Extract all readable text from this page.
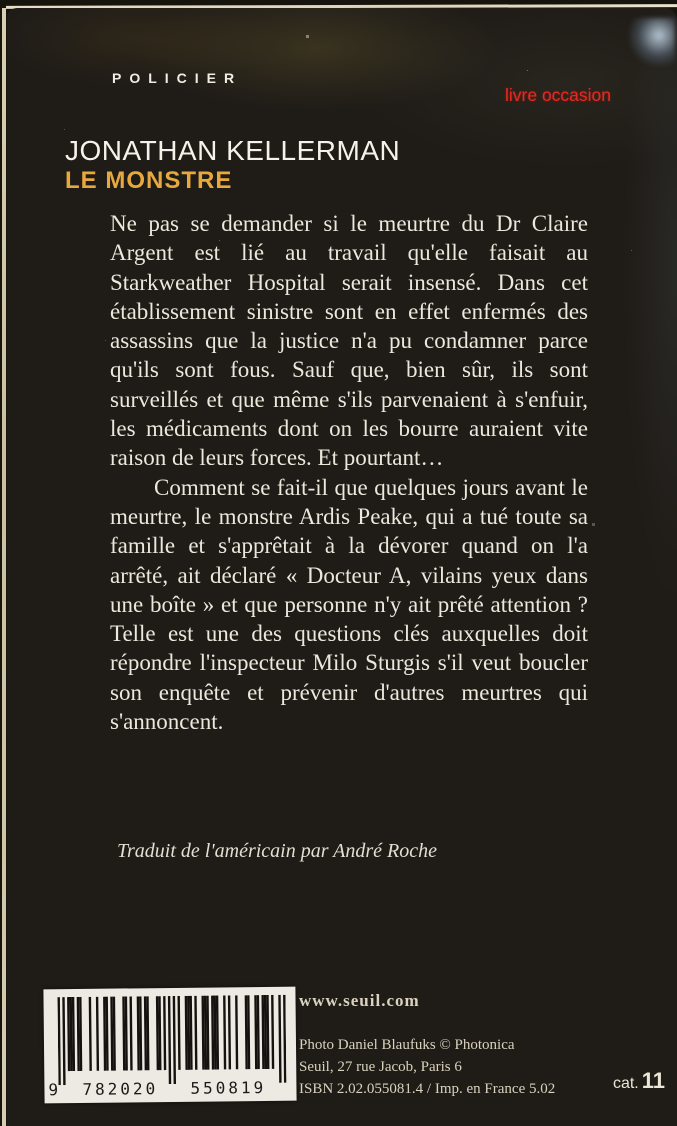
POLICIER
livre occasion
JONATHAN KELLERMAN
LE MONSTRE

Ne pas se demander si le meurtre du Dr Claire Argent est lié au travail qu'elle faisait au Starkweather Hospital serait insensé. Dans cet établissement sinistre sont en effet enfermés des assassins que la justice n'a pu condamner parce qu'ils sont fous. Sauf que, bien sûr, ils sont surveillés et que même s'ils parvenaient à s'enfuir, les médicaments dont on les bourre auraient vite raison de leurs forces. Et pourtant…

Comment se fait-il que quelques jours avant le meurtre, le monstre Ardis Peake, qui a tué toute sa famille et s'apprêtait à la dévorer quand on l'a arrêté, ait déclaré « Docteur A, vilains yeux dans une boîte » et que personne n'y ait prêté attention ? Telle est une des questions clés auxquelles doit répondre l'inspecteur Milo Sturgis s'il veut boucler son enquête et prévenir d'autres meurtres qui s'annoncent.

Traduit de l'américain par André Roche
9 782020 550819

www.seuil.com

Photo Daniel Blaufuks © Photonica

Seuil, 27 rue Jacob, Paris 6

ISBN 2.02.055081.4 / Imp. en France 5.02	cat. 11
